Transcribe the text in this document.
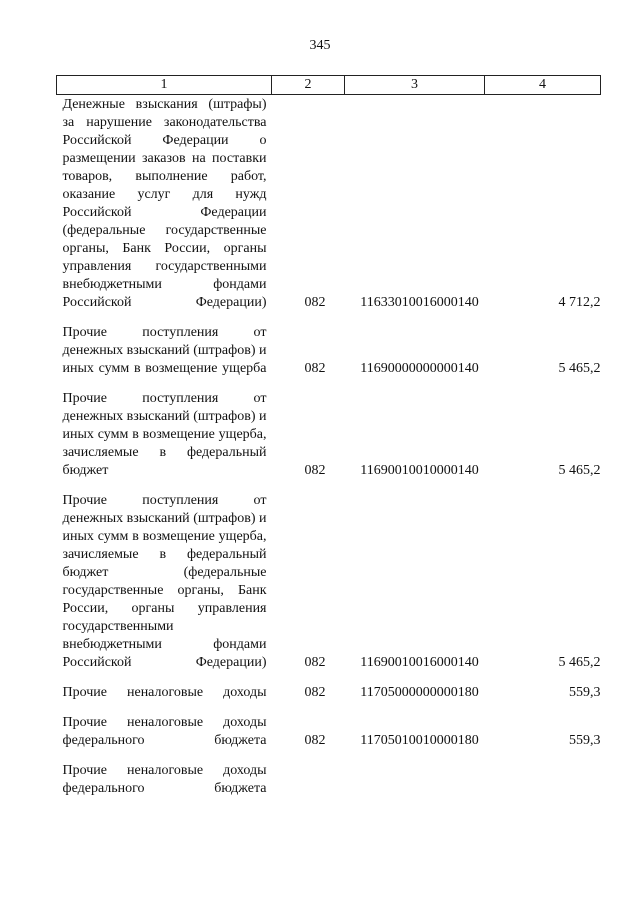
345
1	2	3	4
Денежные взыскания (штрафы) за нарушение законодательства Российской Федерации о размещении заказов на поставки товаров, выполнение работ, оказание услуг для нужд Российской Федерации (федеральные государственные органы, Банк России, органы управления государственными внебюджетными фондами Российской Федерации)	082	11633010016000140	4 712,2
Прочие поступления от денежных взысканий (штрафов) и иных сумм в возмещение ущерба	082	11690000000000140	5 465,2
Прочие поступления от денежных взысканий (штрафов) и иных сумм в возмещение ущерба, зачисляемые в федеральный бюджет	082	11690010010000140	5 465,2
Прочие поступления от денежных взысканий (штрафов) и иных сумм в возмещение ущерба, зачисляемые в федеральный бюджет (федеральные государственные органы, Банк России, органы управления государственными внебюджетными фондами Российской Федерации)	082	11690010016000140	5 465,2
Прочие неналоговые доходы	082	11705000000000180	559,3
Прочие неналоговые доходы федерального бюджета	082	11705010010000180	559,3
Прочие неналоговые доходы федерального бюджета			
